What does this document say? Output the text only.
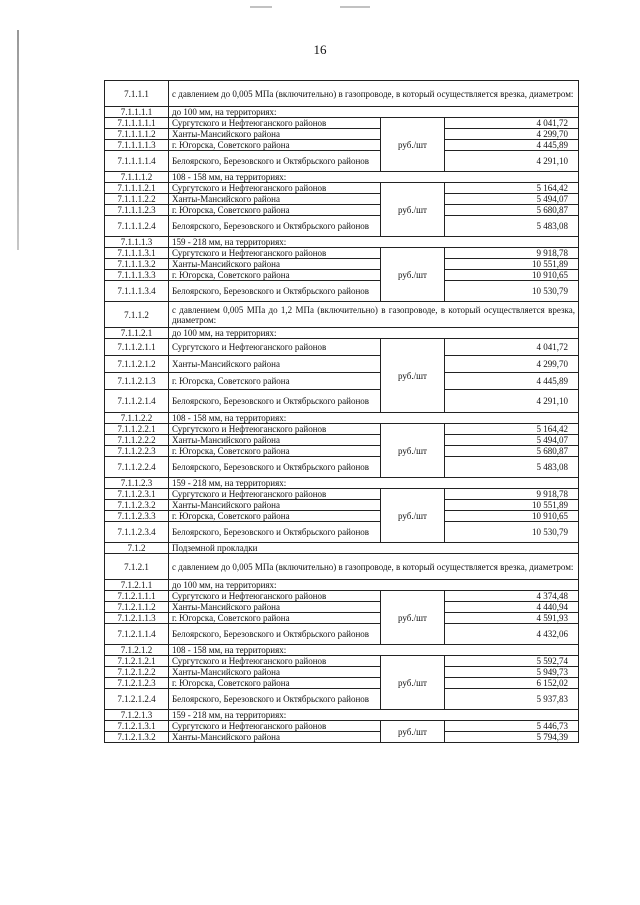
16
7.1.1.1	с давлением до 0,005 МПа (включительно) в газопроводе, в который осуществляется врезка, диаметром:		
7.1.1.1.1	до 100 мм, на территориях:		
7.1.1.1.1.1	Сургутского и Нефтеюганского районов	руб./шт	4 041,72
7.1.1.1.1.2	Ханты-Мансийского района		4 299,70
7.1.1.1.1.3	г. Югорска, Советского района		4 445,89
7.1.1.1.1.4	Белоярского, Березовского и Октябрьского районов		4 291,10
7.1.1.1.2	108 - 158 мм, на территориях:		
7.1.1.1.2.1	Сургутского и Нефтеюганского районов	руб./шт	5 164,42
7.1.1.1.2.2	Ханты-Мансийского района		5 494,07
7.1.1.1.2.3	г. Югорска, Советского района		5 680,87
7.1.1.1.2.4	Белоярского, Березовского и Октябрьского районов		5 483,08
7.1.1.1.3	159 - 218 мм, на территориях:		
7.1.1.1.3.1	Сургутского и Нефтеюганского районов	руб./шт	9 918,78
7.1.1.1.3.2	Ханты-Мансийского района		10 551,89
7.1.1.1.3.3	г. Югорска, Советского района		10 910,65
7.1.1.1.3.4	Белоярского, Березовского и Октябрьского районов		10 530,79
7.1.1.2	с давлением 0,005 МПа до 1,2 МПа (включительно) в газопроводе, в который осуществляется врезка, диаметром:		
7.1.1.2.1	до 100 мм, на территориях:		
7.1.1.2.1.1	Сургутского и Нефтеюганского районов	руб./шт	4 041,72
7.1.1.2.1.2	Ханты-Мансийского района		4 299,70
7.1.1.2.1.3	г. Югорска, Советского района		4 445,89
7.1.1.2.1.4	Белоярского, Березовского и Октябрьского районов		4 291,10
7.1.1.2.2	108 - 158 мм, на территориях:		
7.1.1.2.2.1	Сургутского и Нефтеюганского районов	руб./шт	5 164,42
7.1.1.2.2.2	Ханты-Мансийского района		5 494,07
7.1.1.2.2.3	г. Югорска, Советского района		5 680,87
7.1.1.2.2.4	Белоярского, Березовского и Октябрьского районов		5 483,08
7.1.1.2.3	159 - 218 мм, на территориях:		
7.1.1.2.3.1	Сургутского и Нефтеюганского районов	руб./шт	9 918,78
7.1.1.2.3.2	Ханты-Мансийского района		10 551,89
7.1.1.2.3.3	г. Югорска, Советского района		10 910,65
7.1.1.2.3.4	Белоярского, Березовского и Октябрьского районов		10 530,79
7.1.2	Подземной прокладки		
7.1.2.1	с давлением до 0,005 МПа (включительно) в газопроводе, в который осуществляется врезка, диаметром:		
7.1.2.1.1	до 100 мм, на территориях:		
7.1.2.1.1.1	Сургутского и Нефтеюганского районов	руб./шт	4 374,48
7.1.2.1.1.2	Ханты-Мансийского района		4 440,94
7.1.2.1.1.3	г. Югорска, Советского района		4 591,93
7.1.2.1.1.4	Белоярского, Березовского и Октябрьского районов		4 432,06
7.1.2.1.2	108 - 158 мм, на территориях:		
7.1.2.1.2.1	Сургутского и Нефтеюганского районов	руб./шт	5 592,74
7.1.2.1.2.2	Ханты-Мансийского района		5 949,73
7.1.2.1.2.3	г. Югорска, Советского района		6 152,02
7.1.2.1.2.4	Белоярского, Березовского и Октябрьского районов		5 937,83
7.1.2.1.3	159 - 218 мм, на территориях:		
7.1.2.1.3.1	Сургутского и Нефтеюганского районов	руб./шт	5 446,73
7.1.2.1.3.2	Ханты-Мансийского района		5 794,39
